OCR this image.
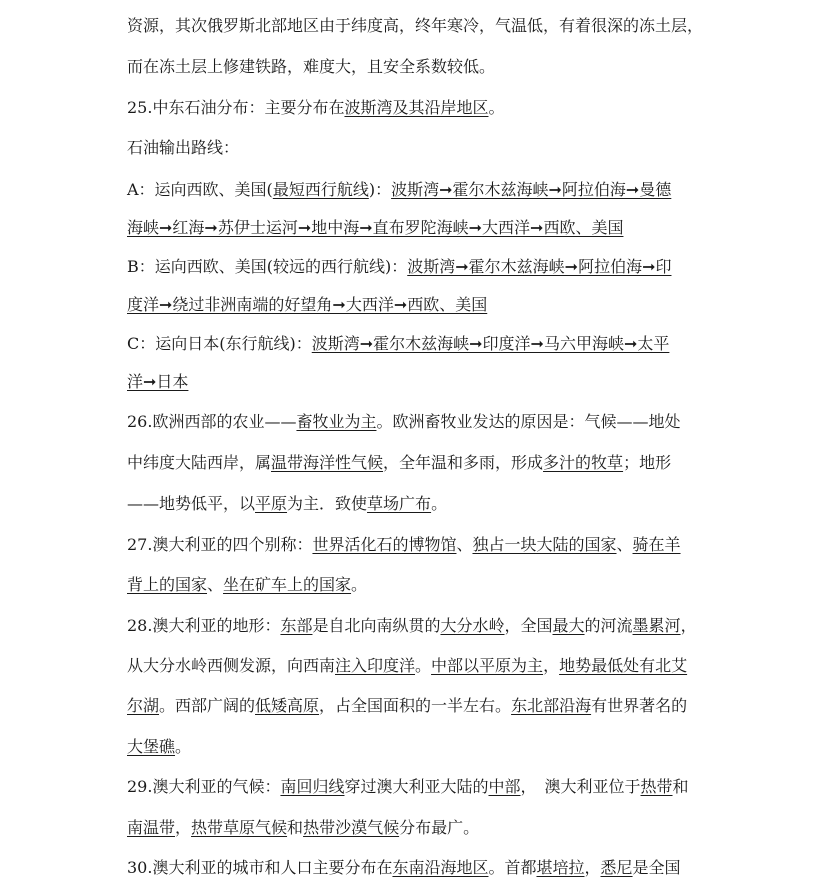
资源，其次俄罗斯北部地区由于纬度高，终年寒冷，气温低，有着很深的冻土层，
而在冻土层上修建铁路，难度大，且安全系数较低。
25.中东石油分布：主要分布在波斯湾及其沿岸地区。
石油输出路线：
A：运向西欧、美国(最短西行航线)：波斯湾➞霍尔木兹海峡➞阿拉伯海➞曼德
海峡➞红海➞苏伊士运河➞地中海➞直布罗陀海峡➞大西洋➞西欧、美国
B：运向西欧、美国(较远的西行航线)：波斯湾➞霍尔木兹海峡➞阿拉伯海➞印
度洋➞绕过非洲南端的好望角➞大西洋➞西欧、美国
C：运向日本(东行航线)：波斯湾➞霍尔木兹海峡➞印度洋➞马六甲海峡➞太平
洋➞日本
26.欧洲西部的农业——畜牧业为主。欧洲畜牧业发达的原因是：气候——地处
中纬度大陆西岸，属温带海洋性气候，全年温和多雨，形成多汁的牧草；地形
——地势低平，以平原为主．致使草场广布。
27.澳大利亚的四个别称：世界活化石的博物馆、独占一块大陆的国家、骑在羊
背上的国家、坐在矿车上的国家。
28.澳大利亚的地形：东部是自北向南纵贯的大分水岭，全国最大的河流墨累河，
从大分水岭西侧发源，向西南注入印度洋。中部以平原为主，地势最低处有北艾
尔湖。西部广阔的低矮高原，占全国面积的一半左右。东北部沿海有世界著名的
大堡礁。
29.澳大利亚的气候：南回归线穿过澳大利亚大陆的中部，　澳大利亚位于热带和
南温带，热带草原气候和热带沙漠气候分布最广。
30.澳大利亚的城市和人口主要分布在东南沿海地区。首都堪培拉，悉尼是全国
